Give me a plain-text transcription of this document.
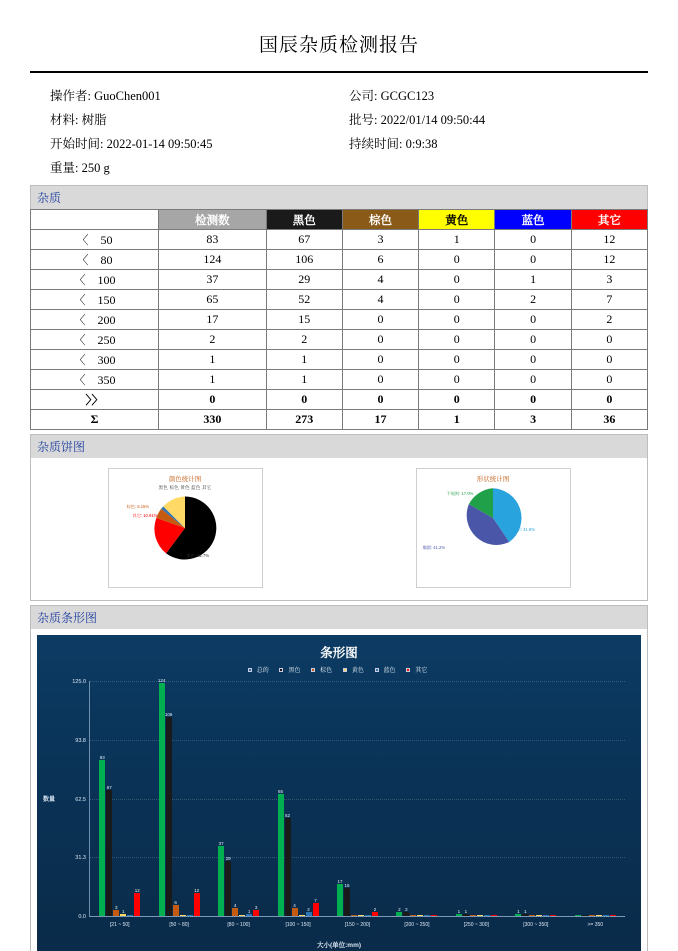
国辰杂质检测报告
操作者: GuoChen001
材料: 树脂
开始时间: 2022-01-14 09:50:45
重量: 250 g
公司: GCGC123
批号: 2022/01/14 09:50:44
持续时间: 0:9:38
杂质
	检测数	黑色	棕色	黄色	蓝色	其它
〈　50	83	67	3	1	0	12
〈　80	124	106	6	0	0	12
〈　100	37	29	4	0	1	3
〈　150	65	52	4	0	2	7
〈　200	17	15	0	0	0	2
〈　250	2	2	0	0	0	0
〈　300	1	1	0	0	0	0
〈　350	1	1	0	0	0	0
〉〉	0	0	0	0	0	0
Σ	330	273	17	1	3	36
杂质饼图
颜色统计图
黑色 棕色 黄色 蓝色 其它
棕色: 5.15%
其它: 10.91%
黑色: 82.7%
形状统计图
不规则: 17.0%
圆形: 41.8%
椭圆: 41.2%
杂质条形图
条形图
总的	黑色	棕色	黄色	蓝色	其它
数量
125.0
93.8
62.5
31.3
0.0
83
67
3
1
12
[21 ~ 50]
124
106
6
12
[50 ~ 80]
37
29
4
1
3
[80 ~ 100]
65
52
4
2
7
[100 ~ 150]
17
15
2
[150 ~ 200]
2 2
[200 ~ 250]
1 1
[250 ~ 300]
1 1
[300 ~ 350]	>= 350
大小(单位:mm)
